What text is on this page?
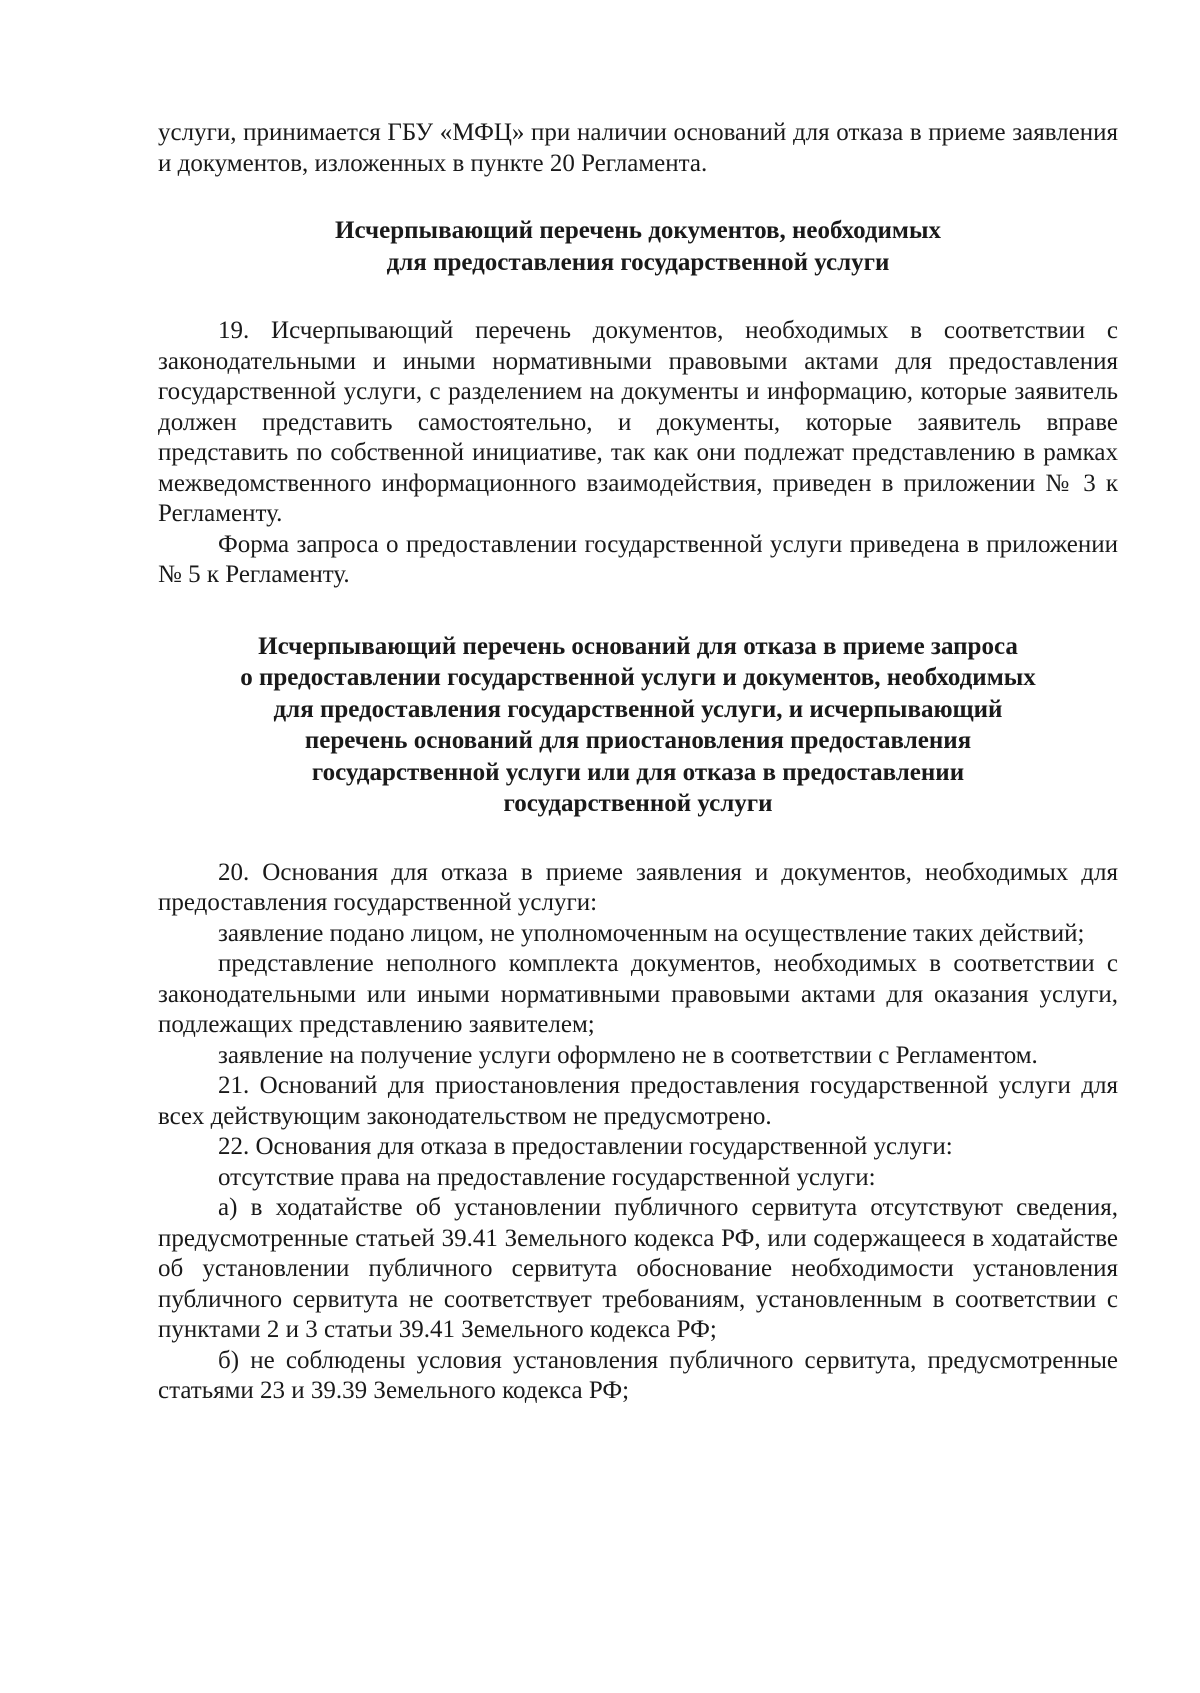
услуги, принимается ГБУ «МФЦ» при наличии оснований для отказа в приеме заявления и документов, изложенных в пункте 20 Регламента.

Исчерпывающий перечень документов, необходимых
для предоставления государственной услуги

19. Исчерпывающий перечень документов, необходимых в соответствии с законодательными и иными нормативными правовыми актами для предоставления государственной услуги, с разделением на документы и информацию, которые заявитель должен представить самостоятельно, и документы, которые заявитель вправе представить по собственной инициативе, так как они подлежат представлению в рамках межведомственного информационного взаимодействия, приведен в приложении № 3 к Регламенту.

Форма запроса о предоставлении государственной услуги приведена в приложении № 5 к Регламенту.

Исчерпывающий перечень оснований для отказа в приеме запроса
о предоставлении государственной услуги и документов, необходимых
для предоставления государственной услуги, и исчерпывающий
перечень оснований для приостановления предоставления
государственной услуги или для отказа в предоставлении
государственной услуги

20. Основания для отказа в приеме заявления и документов, необходимых для предоставления государственной услуги:

заявление подано лицом, не уполномоченным на осуществление таких действий;

представление неполного комплекта документов, необходимых в соответствии с законодательными или иными нормативными правовыми актами для оказания услуги, подлежащих представлению заявителем;

заявление на получение услуги оформлено не в соответствии с Регламентом.

21. Оснований для приостановления предоставления государственной услуги для всех действующим законодательством не предусмотрено.

22. Основания для отказа в предоставлении государственной услуги:

отсутствие права на предоставление государственной услуги:

а) в ходатайстве об установлении публичного сервитута отсутствуют сведения, предусмотренные статьей 39.41 Земельного кодекса РФ, или содержащееся в ходатайстве об установлении публичного сервитута обоснование необходимости установления публичного сервитута не соответствует требованиям, установленным в соответствии с пунктами 2 и 3 статьи 39.41 Земельного кодекса РФ;

б) не соблюдены условия установления публичного сервитута, предусмотренные статьями 23 и 39.39 Земельного кодекса РФ;
